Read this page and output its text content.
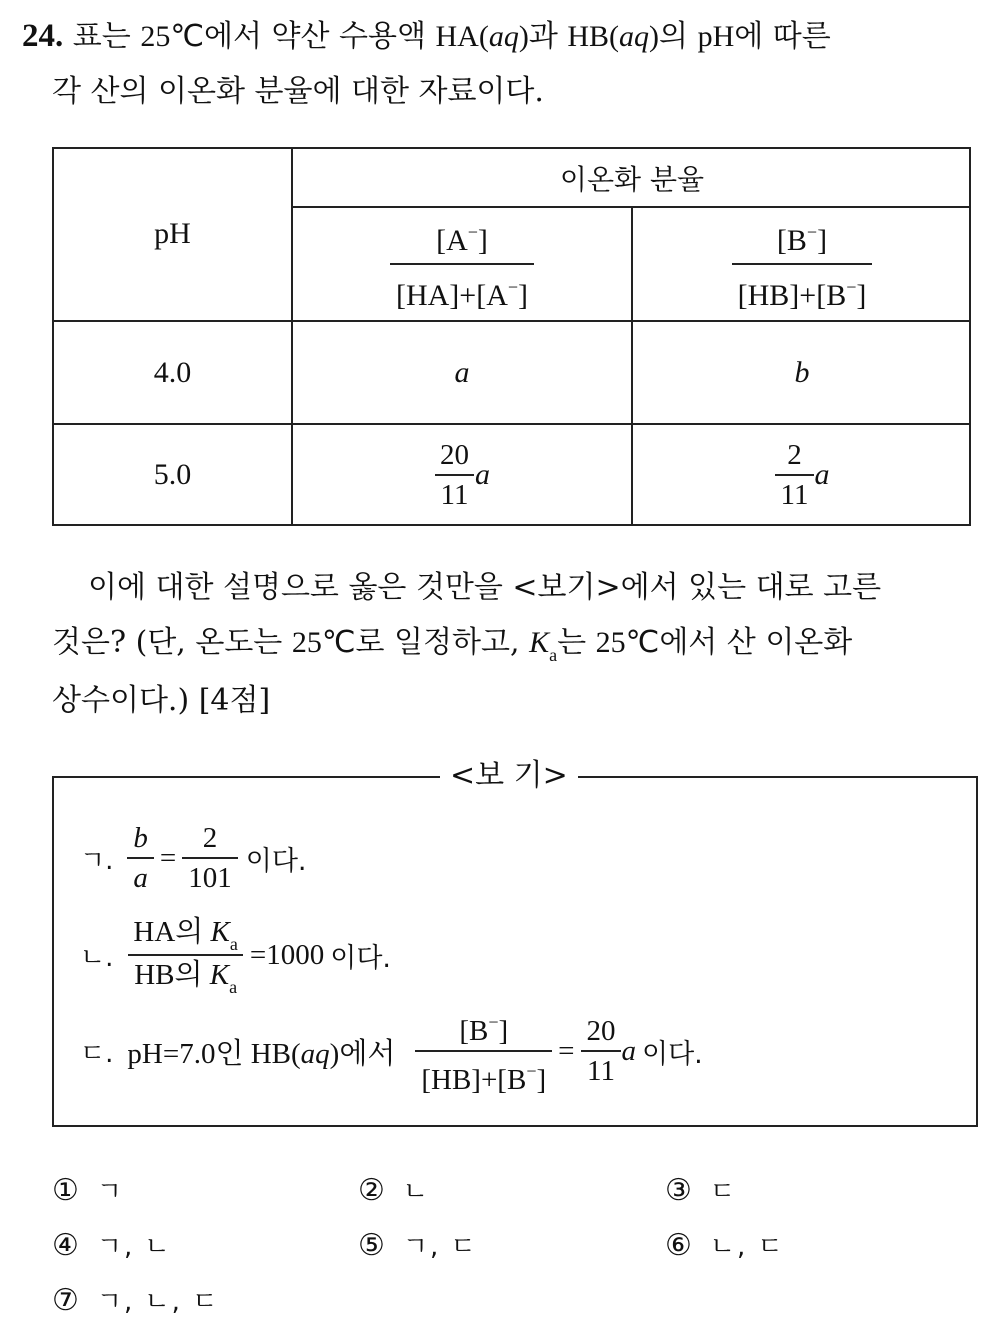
24. 표는 25℃에서 약산 수용액 HA(aq)과 HB(aq)의 pH에 따른
각 산의 이온화 분율에 대한 자료이다.
pH
이온화 분율
$\frac{[A^-]}{[HA]+[A^-]}$	$\frac{[B^-]}{[HB]+[B^-]}$
4.0	a	b
5.0	$\frac{20}{11}$ a	$\frac{2}{11}$ a
이에 대한 설명으로 옳은 것만을 <보기>에서 있는 대로 고른
것은? (단, 온도는 25℃로 일정하고, $K_a$는 25℃에서 산 이온화
상수이다.) [4점]
<보 기>
ㄱ. $\frac{b}{a} = \frac{2}{101}$ 이다.
ㄴ. $\frac{HA의 K_a}{HB의 K_a} =1000$ 이다.
ㄷ. pH=7.0인 HB(aq)에서 $\frac{[B^-]}{[HB]+[B^-]} = \frac{20}{11}$ a 이다.
① ㄱ	② ㄴ	③ ㄷ
④ ㄱ, ㄴ	⑤ ㄱ, ㄷ	⑥ ㄴ, ㄷ
⑦ ㄱ, ㄴ, ㄷ
